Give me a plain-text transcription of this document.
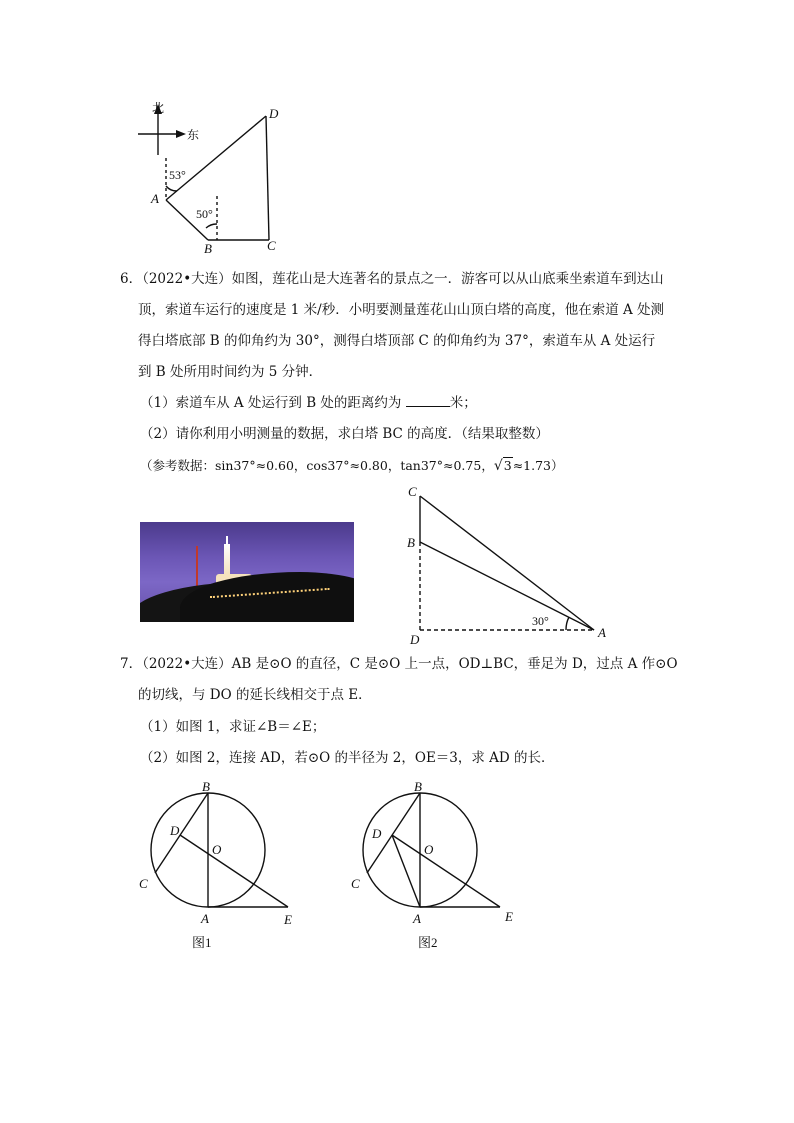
北
东
53°
50°
D
A
B	C
6．（2022•大连）如图，莲花山是大连著名的景点之一．游客可以从山底乘坐索道车到达山
顶，索道车运行的速度是 1 米/秒．小明要测量莲花山山顶白塔的高度，他在索道 A 处测
得白塔底部 B 的仰角约为 30°，测得白塔顶部 C 的仰角约为 37°，索道车从 A 处运行
到 B 处所用时间约为 5 分钟．
（1）索道车从 A 处运行到 B 处的距离约为	米；
（2）请你利用小明测量的数据，求白塔 BC 的高度．（结果取整数）
（参考数据：sin37°≈0.60，cos37°≈0.80，tan37°≈0.75，√3≈1.73）
C
B
D	A
30°
7．（2022•大连）AB 是⊙O 的直径，C 是⊙O 上一点，OD⊥BC，垂足为 D，过点 A 作⊙O
的切线，与 DO 的延长线相交于点 E．
（1）如图 1，求证∠B＝∠E；
（2）如图 2，连接 AD，若⊙O 的半径为 2，OE＝3，求 AD 的长．
B
D
O
C
A	E
图1
B
D
O
C
A	E
图2
